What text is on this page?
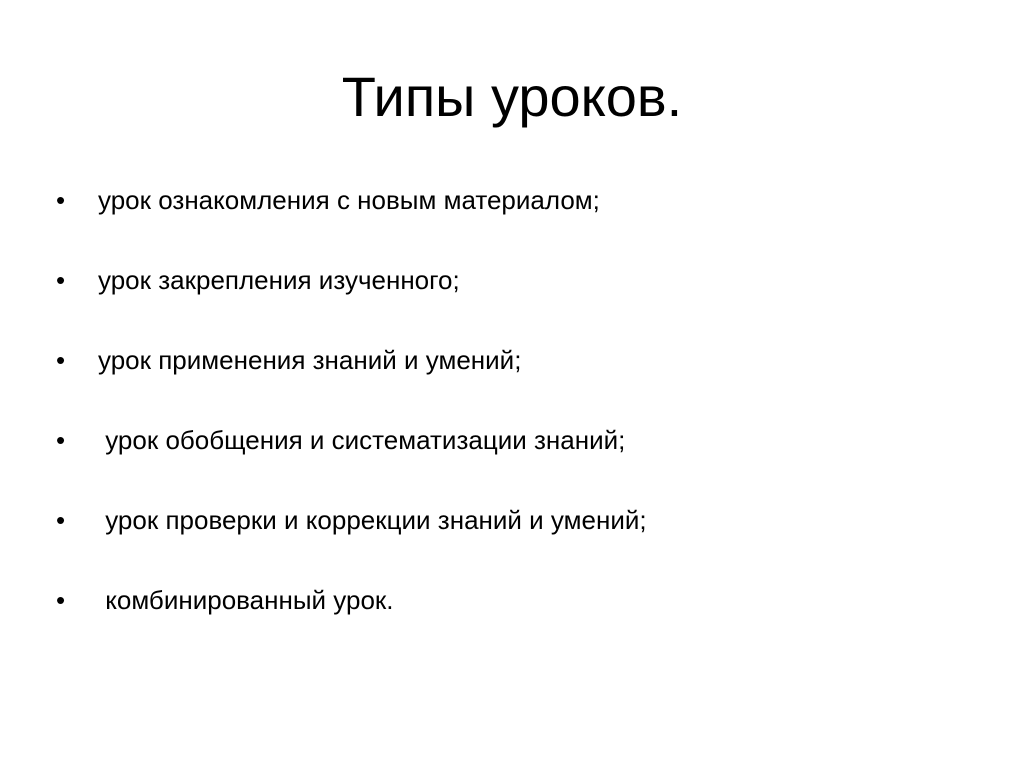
Типы уроков.
•	урок ознакомления с новым материалом;
•	урок закрепления изученного;
•	урок применения знаний и умений;
•	урок обобщения и систематизации знаний;
•	урок проверки и коррекции знаний и умений;
•	комбинированный урок.
